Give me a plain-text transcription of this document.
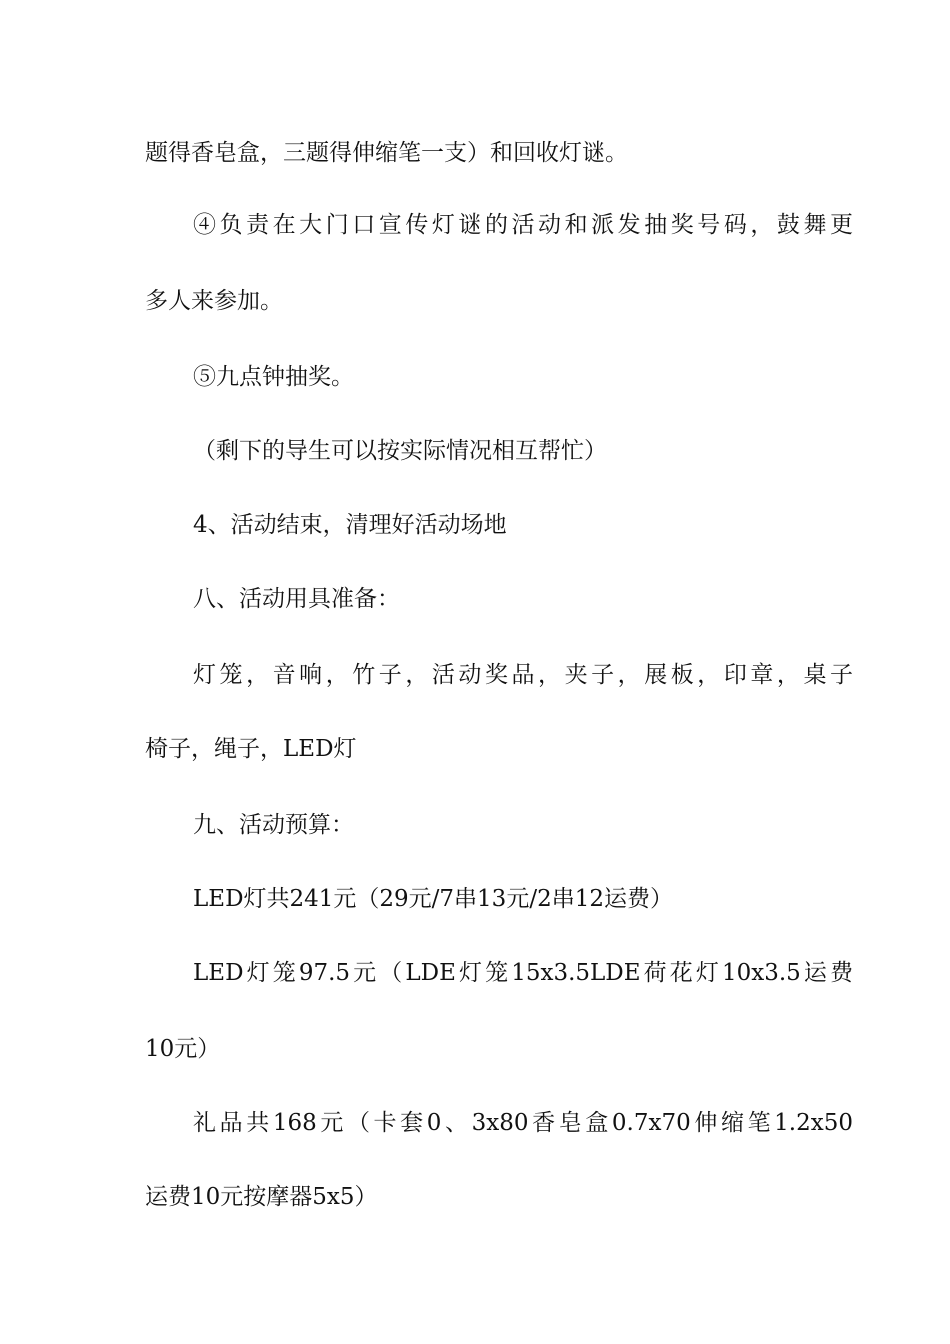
题得香皂盒，三题得伸缩笔一支）和回收灯谜。
④负责在大门口宣传灯谜的活动和派发抽奖号码，鼓舞更
多人来参加。
⑤九点钟抽奖。
（剩下的导生可以按实际情况相互帮忙）
4、活动结束，清理好活动场地
八、活动用具准备：
灯笼，音响，竹子，活动奖品，夹子，展板，印章，桌子
椅子，绳子，LED灯
九、活动预算：
LED灯共241元（29元/7串13元/2串12运费）
LED灯笼97.5元（LDE灯笼15x3.5LDE荷花灯10x3.5运费
10元）
礼品共168元（卡套0、3x80香皂盒0.7x70伸缩笔1.2x50
运费10元按摩器5x5）
